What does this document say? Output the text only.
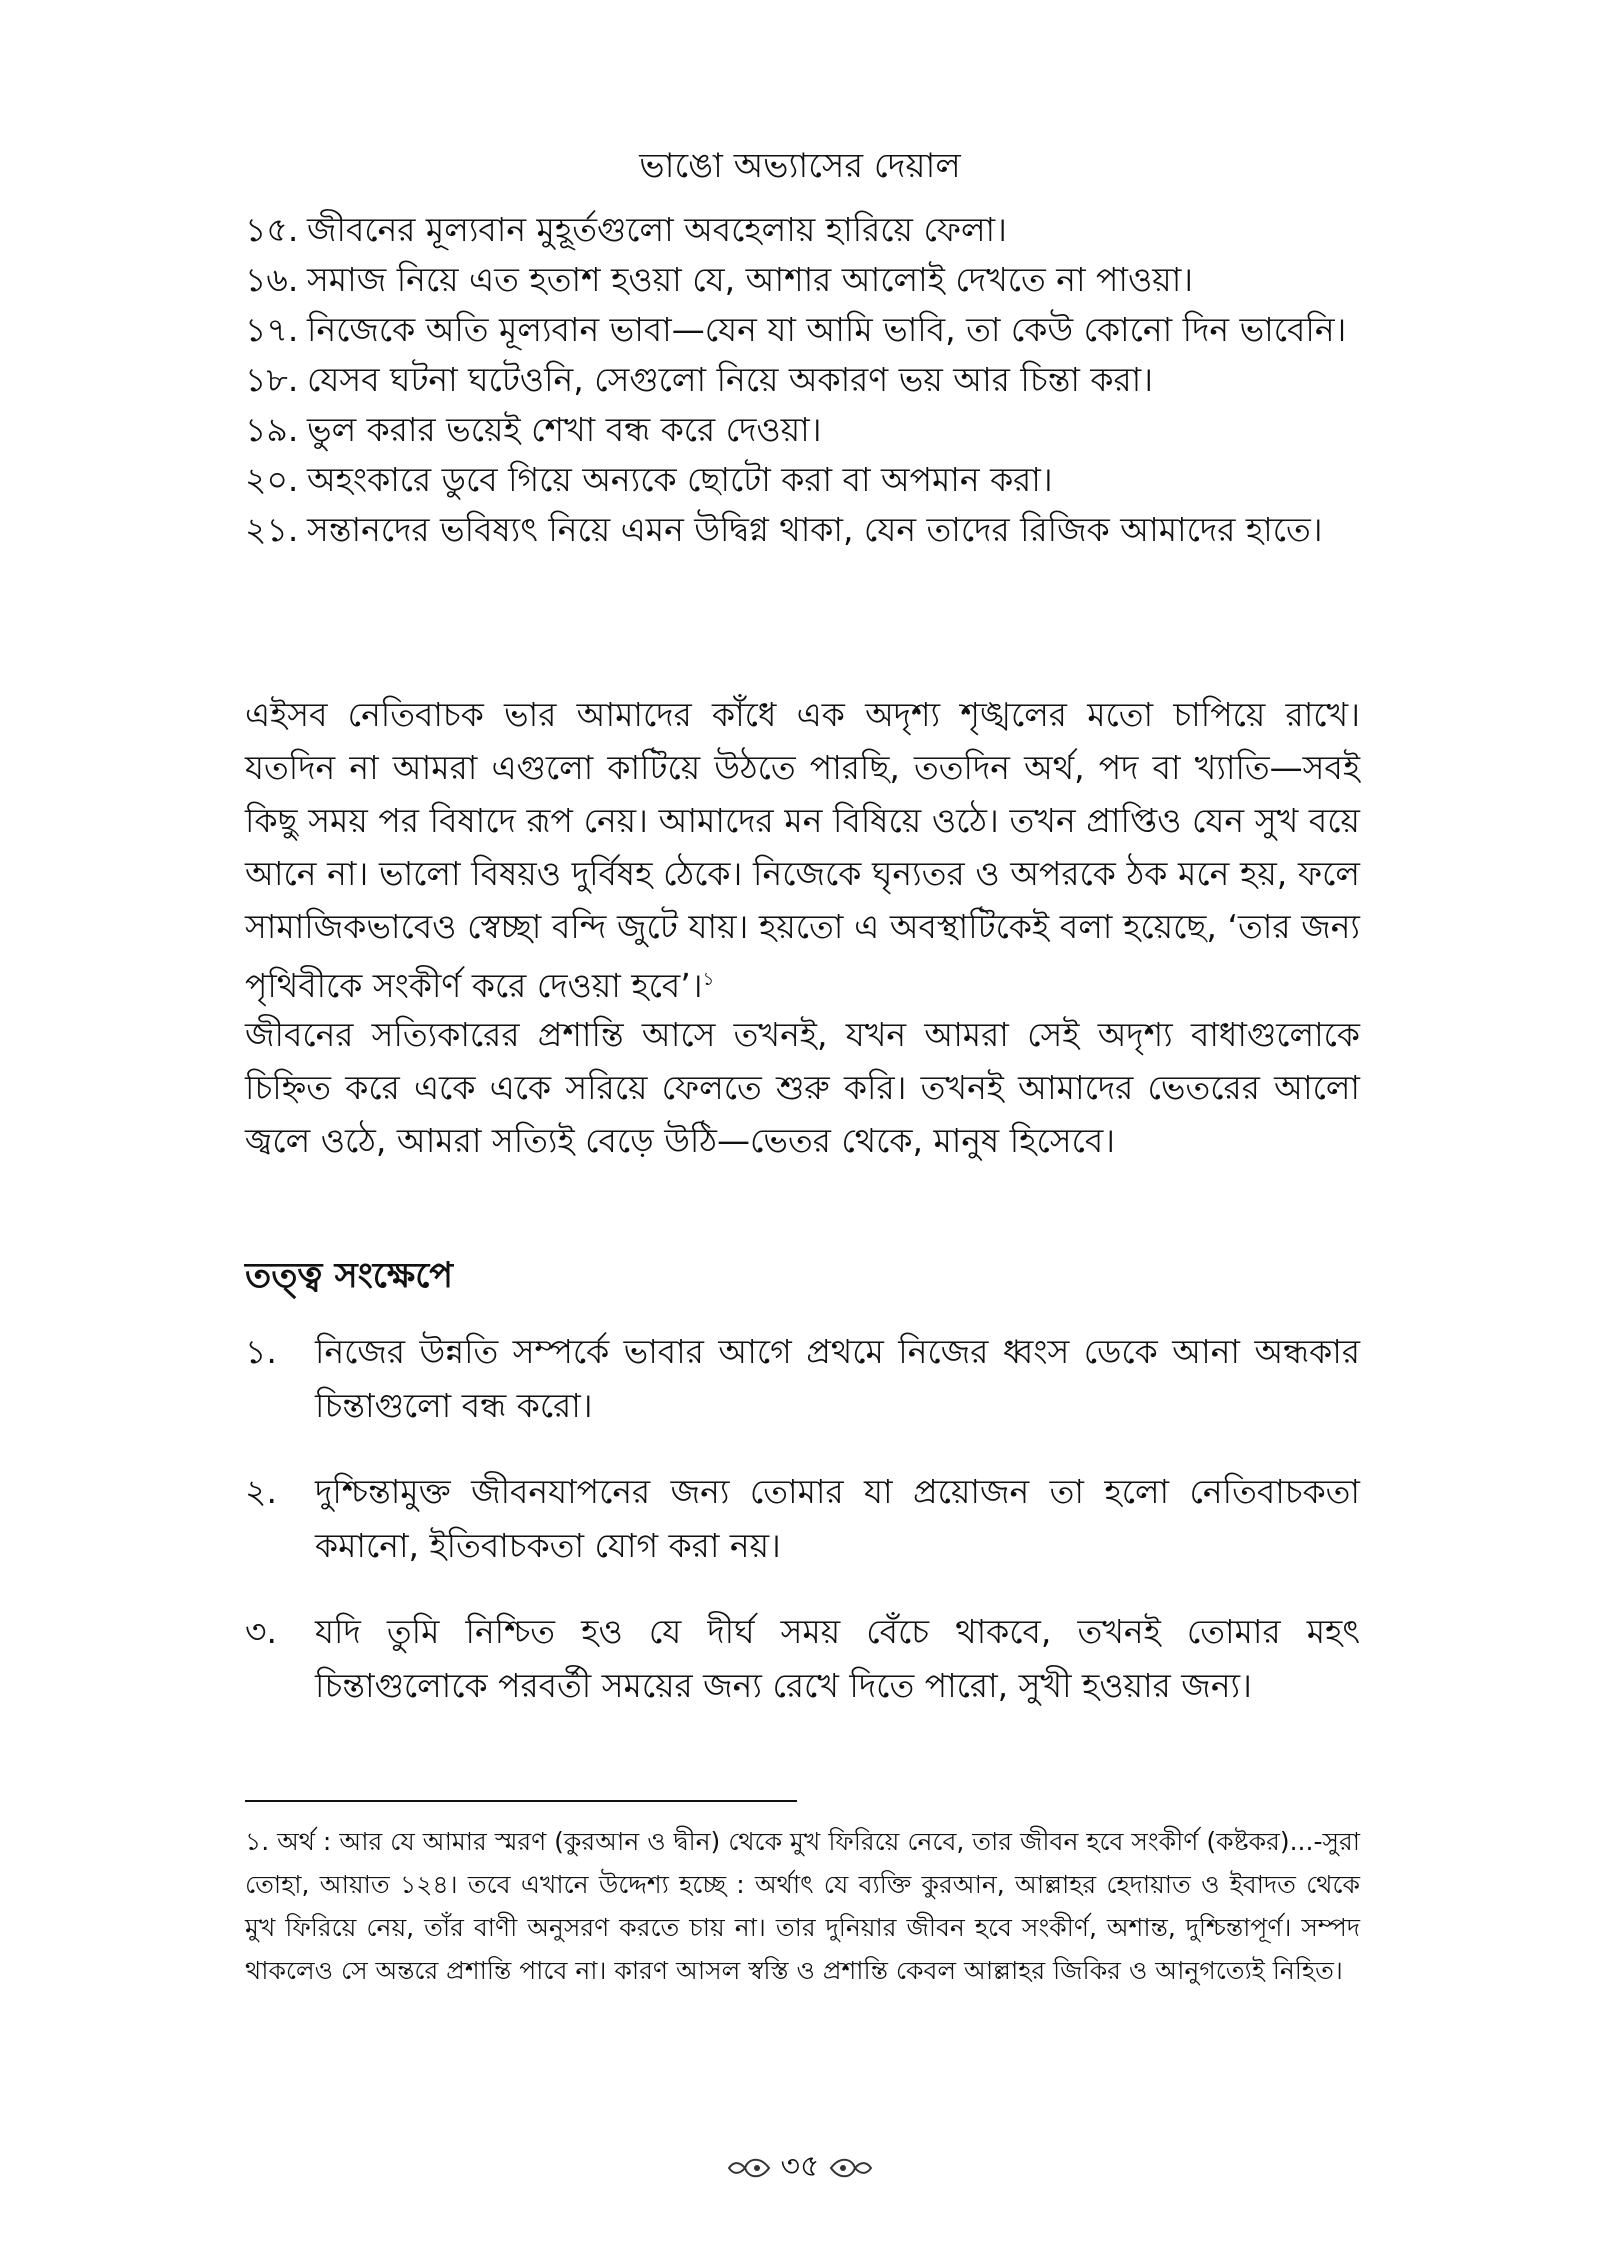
ভাঙো অভ্যাসের দেয়াল
১৫. জীবনের মূল্যবান মুহূর্তগুলো অবহেলায় হারিয়ে ফেলা।
১৬. সমাজ নিয়ে এত হতাশ হওয়া যে, আশার আলোই দেখতে না পাওয়া।
১৭. নিজেকে অতি মূল্যবান ভাবা—যেন যা আমি ভাবি, তা কেউ কোনো দিন ভাবেনি।
১৮. যেসব ঘটনা ঘটেওনি, সেগুলো নিয়ে অকারণ ভয় আর চিন্তা করা।
১৯. ভুল করার ভয়েই শেখা বন্ধ করে দেওয়া।
২০. অহংকারে ডুবে গিয়ে অন্যকে ছোটো করা বা অপমান করা।
২১. সন্তানদের ভবিষ্যৎ নিয়ে এমন উদ্বিগ্ন থাকা, যেন তাদের রিজিক আমাদের হাতে।

এইসব নেতিবাচক ভার আমাদের কাঁধে এক অদৃশ্য শৃঙ্খলের মতো চাপিয়ে রাখে। যতদিন না আমরা এগুলো কাটিয়ে উঠতে পারছি, ততদিন অর্থ, পদ বা খ্যাতি—সবই কিছু সময় পর বিষাদে রূপ নেয়। আমাদের মন বিষিয়ে ওঠে। তখন প্রাপ্তিও যেন সুখ বয়ে আনে না। ভালো বিষয়ও দুর্বিষহ ঠেকে। নিজেকে ঘৃন্যতর ও অপরকে ঠক মনে হয়, ফলে সামাজিকভাবেও স্বেচ্ছা বন্দি জুটে যায়। হয়তো এ অবস্থাটিকেই বলা হয়েছে, ‘তার জন্য পৃথিবীকে সংকীর্ণ করে দেওয়া হবে’।$^১$

জীবনের সত্যিকারের প্রশান্তি আসে তখনই, যখন আমরা সেই অদৃশ্য বাধাগুলোকে চিহ্নিত করে একে একে সরিয়ে ফেলতে শুরু করি। তখনই আমাদের ভেতরের আলো জ্বলে ওঠে, আমরা সত্যিই বেড়ে উঠি—ভেতর থেকে, মানুষ হিসেবে।

তত্ত্ব সংক্ষেপে
১.	নিজের উন্নতি সম্পর্কে ভাবার আগে প্রথমে নিজের ধ্বংস ডেকে আনা অন্ধকার চিন্তাগুলো বন্ধ করো।
২.	দুশ্চিন্তামুক্ত জীবনযাপনের জন্য তোমার যা প্রয়োজন তা হলো নেতিবাচকতা কমানো, ইতিবাচকতা যোগ করা নয়।
৩.	যদি তুমি নিশ্চিত হও যে দীর্ঘ সময় বেঁচে থাকবে, তখনই তোমার মহৎ চিন্তাগুলোকে পরবর্তী সময়ের জন্য রেখে দিতে পারো, সুখী হওয়ার জন্য।

১. অর্থ : আর যে আমার স্মরণ (কুরআন ও দ্বীন) থেকে মুখ ফিরিয়ে নেবে, তার জীবন হবে সংকীর্ণ (কষ্টকর)...-সুরা তোহা, আয়াত ১২৪। তবে এখানে উদ্দেশ্য হচ্ছে : অর্থাৎ যে ব্যক্তি কুরআন, আল্লাহর হেদায়াত ও ইবাদত থেকে মুখ ফিরিয়ে নেয়, তাঁর বাণী অনুসরণ করতে চায় না। তার দুনিয়ার জীবন হবে সংকীর্ণ, অশান্ত, দুশ্চিন্তাপূর্ণ। সম্পদ থাকলেও সে অন্তরে প্রশান্তি পাবে না। কারণ আসল স্বস্তি ও প্রশান্তি কেবল আল্লাহর জিকির ও আনুগত্যেই নিহিত।

৩৫
